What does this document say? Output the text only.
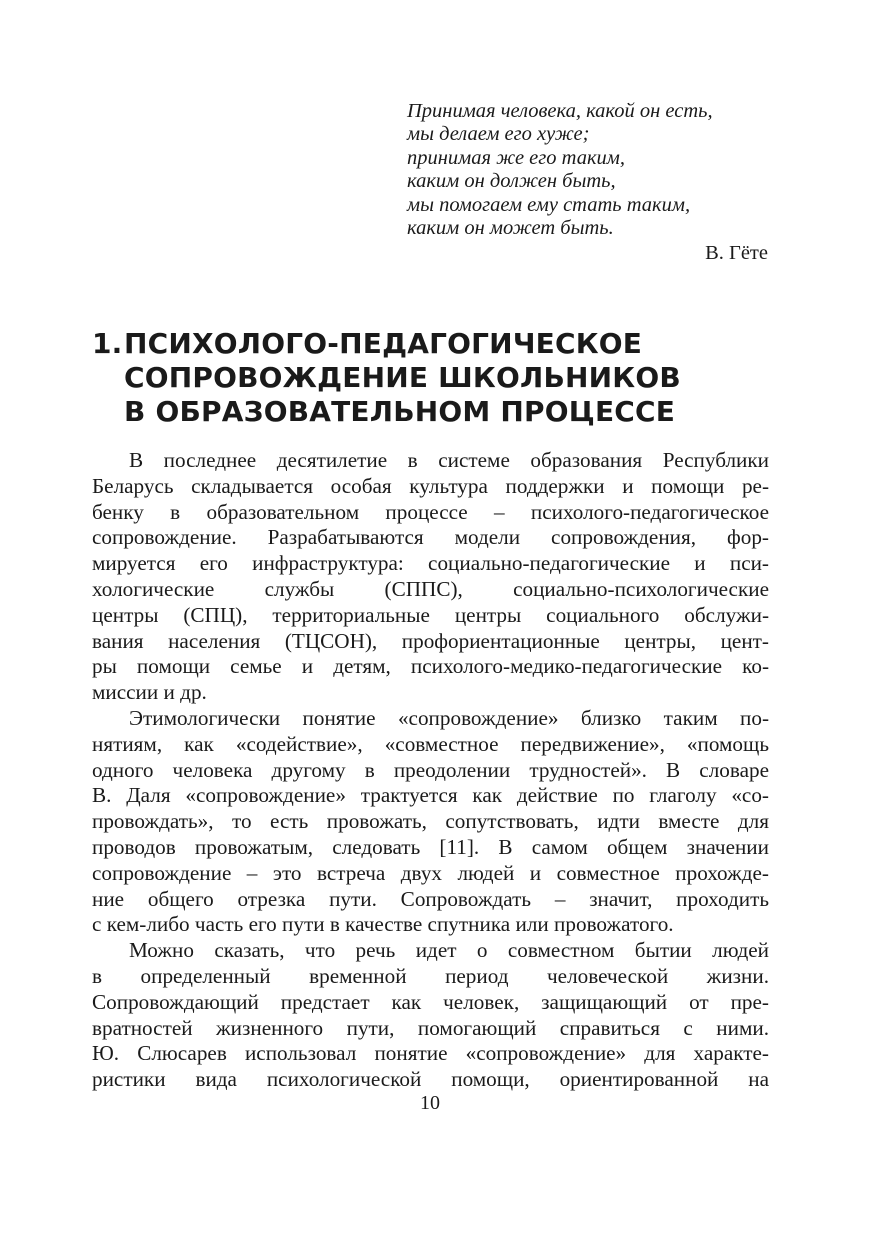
Принимая человека, какой он есть,
мы делаем его хуже;
принимая же его таким,
каким он должен быть,
мы помогаем ему стать таким,
каким он может быть.
В. Гёте
1. ПСИХОЛОГО-ПЕДАГОГИЧЕСКОЕ
СОПРОВОЖДЕНИЕ ШКОЛЬНИКОВ
В ОБРАЗОВАТЕЛЬНОМ ПРОЦЕССЕ
В последнее десятилетие в системе образования Республики
Беларусь складывается особая культура поддержки и помощи ре-
бенку в образовательном процессе – психолого-педагогическое
сопровождение. Разрабатываются модели сопровождения, фор-
мируется его инфраструктура: социально-педагогические и пси-
хологические службы (СППС), социально-психологические
центры (СПЦ), территориальные центры социального обслужи-
вания населения (ТЦСОН), профориентационные центры, цент-
ры помощи семье и детям, психолого-медико-педагогические ко-
миссии и др.
Этимологически понятие «сопровождение» близко таким по-
нятиям, как «содействие», «совместное передвижение», «помощь
одного человека другому в преодолении трудностей». В словаре
В. Даля «сопровождение» трактуется как действие по глаголу «со-
провождать», то есть провожать, сопутствовать, идти вместе для
проводов провожатым, следовать [11]. В самом общем значении
сопровождение – это встреча двух людей и совместное прохожде-
ние общего отрезка пути. Сопровождать – значит, проходить
с кем-либо часть его пути в качестве спутника или провожатого.
Можно сказать, что речь идет о совместном бытии людей
в определенный временной период человеческой жизни.
Сопровождающий предстает как человек, защищающий от пре-
вратностей жизненного пути, помогающий справиться с ними.
Ю. Слюсарев использовал понятие «сопровождение» для характе-
ристики вида психологической помощи, ориентированной на
10
